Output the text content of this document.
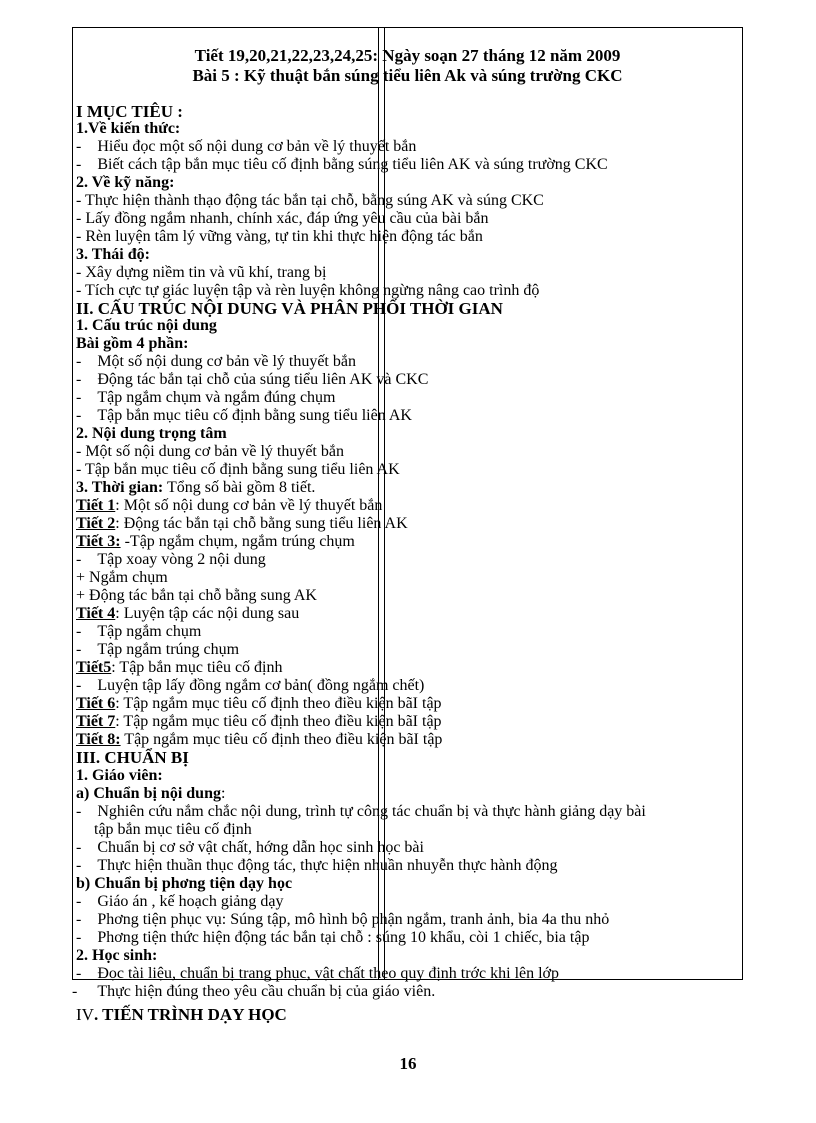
Tiết 19,20,21,22,23,24,25: Ngày soạn 27 tháng 12 năm 2009
Bài 5 : Kỹ thuật bắn súng tiểu liên Ak và súng trường CKC
I MỤC TIÊU :
1.Về kiến thức:
-    Hiểu đọc một số nội dung cơ bản về lý thuyết bắn
-    Biết cách tập bắn mục tiêu cố định bằng súng tiểu liên AK và súng trường CKC
2. Về kỹ năng:
- Thực hiện thành thạo động tác bắn tại chỗ, bằng súng AK và súng CKC
- Lấy đồng ngắm nhanh, chính xác, đáp ứng yêu cầu của bài bắn
- Rèn luyện tâm lý vững vàng, tự tin khi thực hiện động tác bắn
3. Thái độ:
- Xây dựng niềm tin và vũ khí, trang bị
- Tích cực tự giác luyện tập và rèn luyện không ngừng nâng cao trình độ
II. CẤU TRÚC NỘI DUNG VÀ PHÂN PHỐI THỜI GIAN
1. Cấu trúc nội dung
Bài gồm 4 phần:
-    Một số nội dung cơ bản về lý thuyết bắn
-    Động tác bắn tại chỗ của súng tiểu liên AK và CKC
-    Tập ngắm chụm và ngắm đúng chụm
-    Tập bắn mục tiêu cố định bằng sung tiểu liên AK
2. Nội dung trọng tâm
- Một số nội dung cơ bản về lý thuyết bắn
- Tập bắn mục tiêu cố định bằng sung tiểu liên AK
3. Thời gian: Tổng số bài gồm 8 tiết.
Tiết 1: Một số nội dung cơ bản về lý thuyết bắn
Tiết 2: Động tác bắn tại chỗ bằng sung tiểu liên AK
Tiết 3: -Tập ngắm chụm, ngắm trúng chụm
-    Tập xoay vòng 2 nội dung
+ Ngắm chụm
+ Động tác bắn tại chỗ bằng sung AK
Tiết 4: Luyện tập các nội dung sau
-    Tập ngắm chụm
-    Tập ngắm trúng chụm
Tiết5: Tập bắn mục tiêu cố định
-    Luyện tập lấy đồng ngắm cơ bản( đồng ngắm chết)
Tiết 6: Tập ngắm mục tiêu cố định theo điều kiện bãI tập
Tiết 7: Tập ngắm mục tiêu cố định theo điều kiện bãI tập
Tiết 8: Tập ngắm mục tiêu cố định theo điều kiện bãI tập
III. CHUẨN BỊ
1. Giáo viên:
a) Chuẩn bị nội dung:
-    Nghiên cứu nắm chắc nội dung, trình tự công tác chuẩn bị và thực hành giảng dạy bài
tập bắn mục tiêu cố định
-    Chuẩn bị cơ sở vật chất, hớng dẫn học sinh học bài
-    Thực hiện thuần thục động tác, thực hiện nhuần nhuyễn thực hành động
b) Chuẩn bị phơng tiện dạy học
-    Giáo án , kế hoạch giảng dạy
-    Phơng tiện phục vụ: Súng tập, mô hình bộ phận ngắm, tranh ảnh, bia 4a thu nhỏ
-    Phơng tiện thức hiện động tác bắn tại chỗ : súng 10 khẩu, còi 1 chiếc, bia tập
2. Học sinh:
-    Đọc tài liệu, chuẩn bị trang phục, vật chất theo quy định trớc khi lên lớp
-     Thực hiện đúng theo yêu cầu chuẩn bị của giáo viên.
IV. TIẾN TRÌNH DẠY HỌC
16
